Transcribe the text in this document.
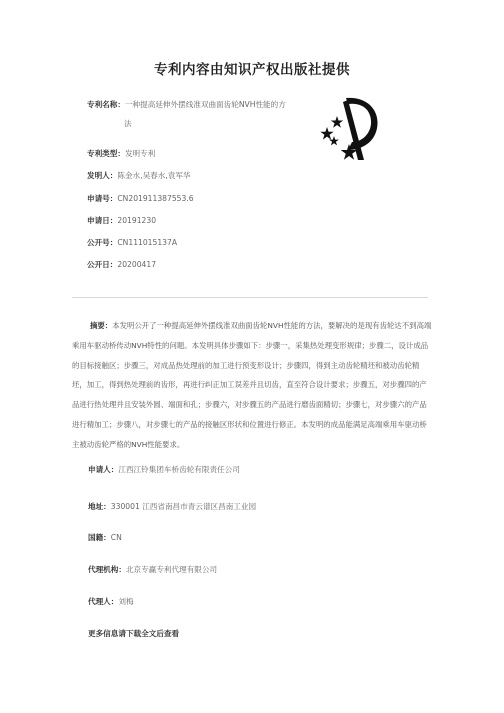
专利内容由知识产权出版社提供
专利名称：一种提高延伸外摆线准双曲面齿轮NVH性能的方
法
专利类型：发明专利
发明人：陈金水,吴春水,袁军华
申请号：CN201911387553.6
申请日：20191230
公开号：CN111015137A
公开日：20200417
摘要：本发明公开了一种提高延伸外摆线准双曲面齿轮NVH性能的方法，要解决的是现有齿轮达不到高端乘用车驱动桥传动NVH特性的问题。本发明具体步骤如下：步骤一，采集热处理变形规律；步骤二，设计成品的目标接触区；步骤三，对成品热处理前的加工进行预变形设计；步骤四，得到主动齿轮精坯和被动齿轮精坯，加工，得到热处理前的齿形，再进行纠正加工误差并且切齿，直至符合设计要求；步骤五，对步骤四的产品进行热处理并且安装外圆、端面和孔；步骤六，对步骤五的产品进行磨齿面精切；步骤七，对步骤六的产品进行精加工；步骤八，对步骤七的产品的接触区形状和位置进行修正。本发明的成品能满足高端乘用车驱动桥主被动齿轮严格的NVH性能要求。
申请人：江西江铃集团车桥齿轮有限责任公司
地址：330001 江西省南昌市青云谱区昌南工业园
国籍：CN
代理机构：北京专赢专利代理有限公司
代理人：刘梅
更多信息请下载全文后查看
